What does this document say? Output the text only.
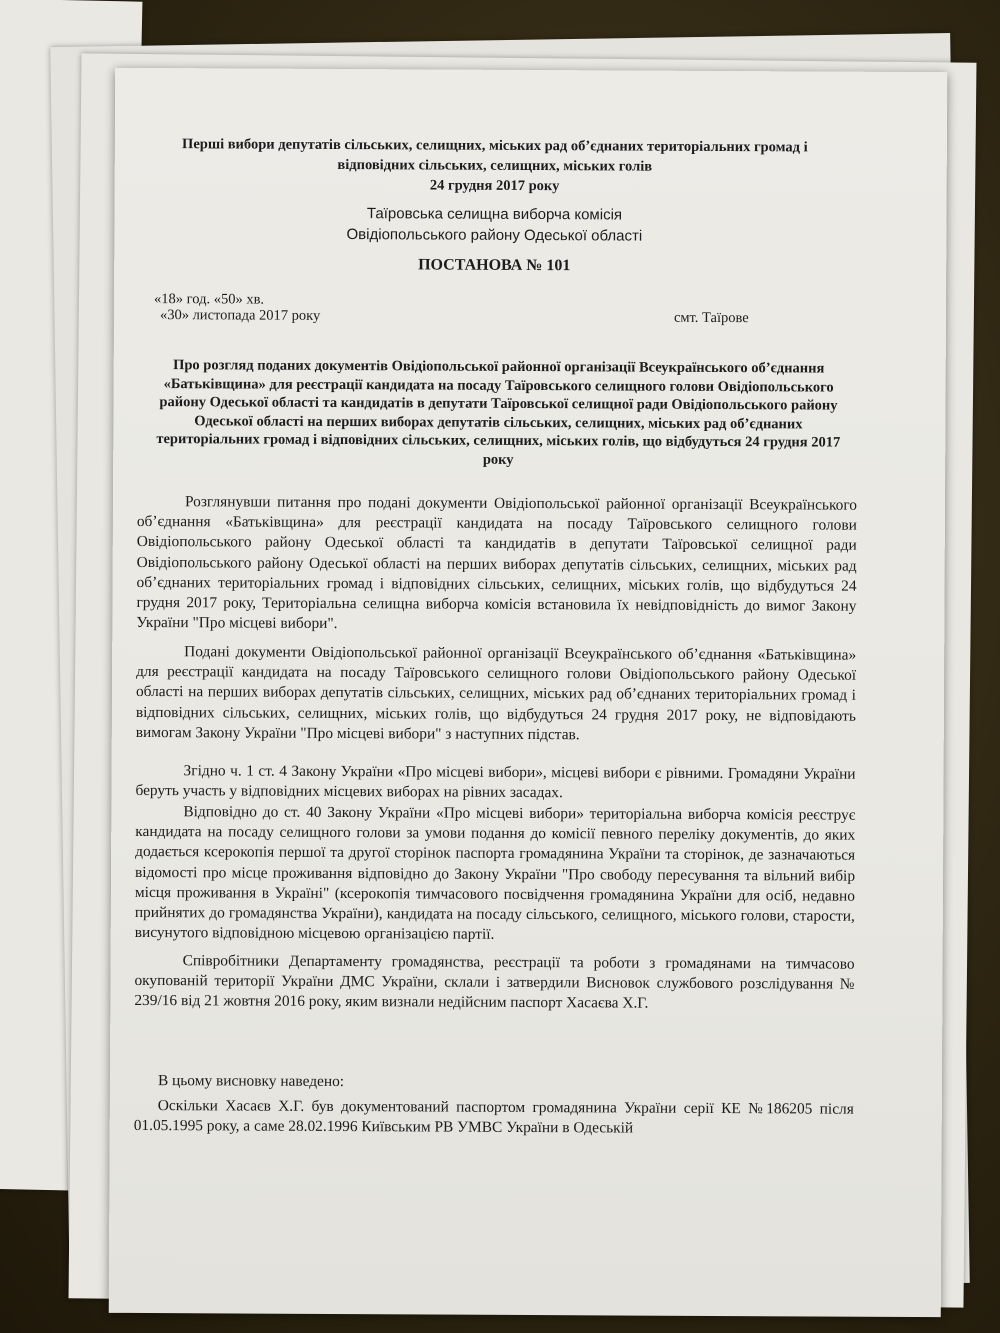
Перші вибори депутатів сільських, селищних, міських рад об’єднаних територіальних громад і відповідних сільських, селищних, міських голів
24 грудня 2017 року
Таїровська селищна виборча комісія
Овідіопольського району Одеської області
ПОСТАНОВА № 101
«18» год. «50» хв.
«30» листопада 2017 року	смт. Таїрове
Про розгляд поданих документів Овідіопольської районної організації Всеукраїнського об’єднання «Батьківщина» для реєстрації кандидата на посаду Таїровського селищного голови Овідіопольського району Одеської області та кандидатів в депутати Таїровської селищної ради Овідіопольського району Одеської області на перших виборах депутатів сільських, селищних, міських рад об’єднаних територіальних громад і відповідних сільських, селищних, міських голів, що відбудуться 24 грудня 2017 року
Розглянувши питання про подані документи Овідіопольської районної організації Всеукраїнського об’єднання «Батьківщина» для реєстрації кандидата на посаду Таїровського селищного голови Овідіопольського району Одеської області та кандидатів в депутати Таїровської селищної ради Овідіопольського району Одеської області на перших виборах депутатів сільських, селищних, міських рад об’єднаних територіальних громад і відповідних сільських, селищних, міських голів, що відбудуться 24 грудня 2017 року, Територіальна селищна виборча комісія встановила їх невідповідність до вимог Закону України "Про місцеві вибори".
Подані документи Овідіопольської районної організації Всеукраїнського об’єднання «Батьківщина» для реєстрації кандидата на посаду Таїровського селищного голови Овідіопольського району Одеської області на перших виборах депутатів сільських, селищних, міських рад об’єднаних територіальних громад і відповідних сільських, селищних, міських голів, що відбудуться 24 грудня 2017 року, не відповідають вимогам Закону України "Про місцеві вибори" з наступних підстав.
Згідно ч. 1 ст. 4 Закону України «Про місцеві вибори», місцеві вибори є рівними. Громадяни України беруть участь у відповідних місцевих виборах на рівних засадах.
Відповідно до ст. 40 Закону України «Про місцеві вибори» територіальна виборча комісія реєструє кандидата на посаду селищного голови за умови подання до комісії певного переліку документів, до яких додається ксерокопія першої та другої сторінок паспорта громадянина України та сторінок, де зазначаються відомості про місце проживання відповідно до Закону України "Про свободу пересування та вільний вибір місця проживання в Україні" (ксерокопія тимчасового посвідчення громадянина України для осіб, недавно прийнятих до громадянства України), кандидата на посаду сільського, селищного, міського голови, старости, висунутого відповідною місцевою організацією партії.
Співробітники Департаменту громадянства, реєстрації та роботи з громадянами на тимчасово окупованій території України ДМС України, склали і затвердили Висновок службового розслідування № 239/16 від 21 жовтня 2016 року, яким визнали недійсним паспорт Хасаєва Х.Г.
В цьому висновку наведено:
Оскільки Хасаєв Х.Г. був документований паспортом громадянина України серії КЕ №186205 після 01.05.1995 року, а саме 28.02.1996 Київським РВ УМВС України в Одеській
